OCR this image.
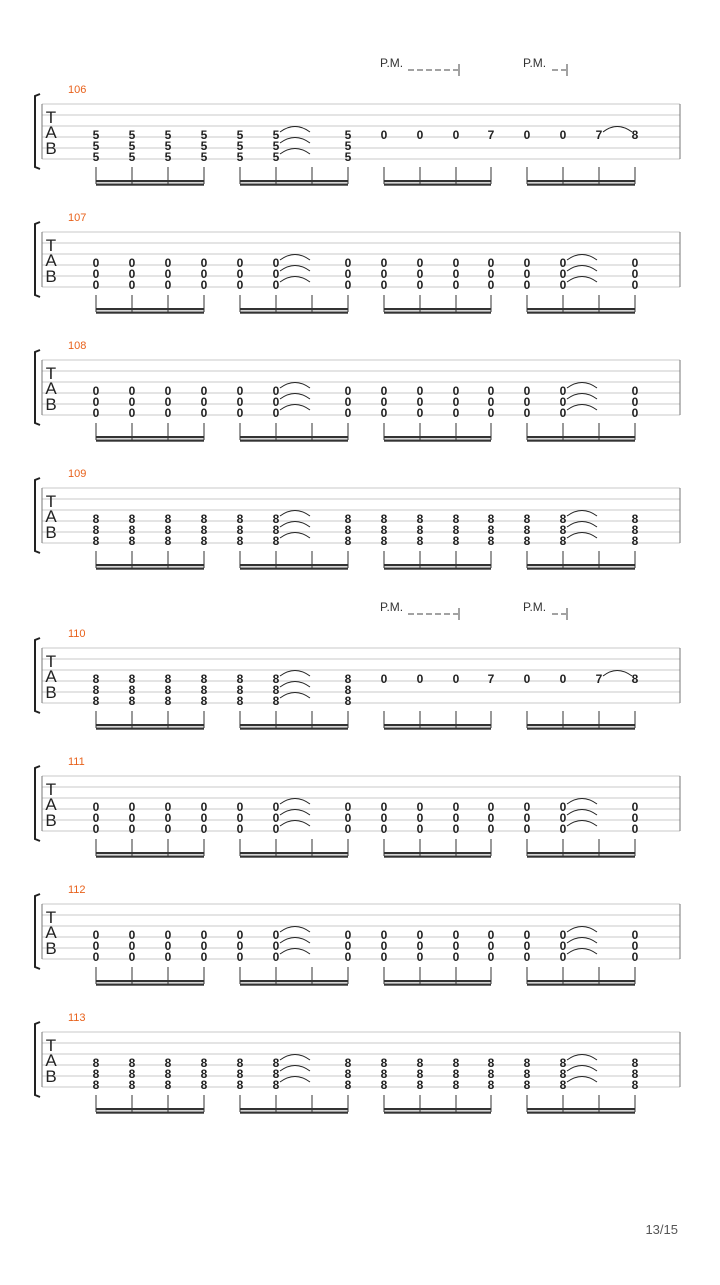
T
A
B
106
P.M.	P.M.
5
5
5
5
5
5
5
5
5
5
5
5
5
5
5
5
5
5
5
5
5
0 0 0 7 0 0 7 8
T
A
B
107
0
0
0
0
0
0
0
0
0
0
0
0
0
0
0
0
0
0
0
0
0
0
0
0
0
0
0
0
0
0
0
0
0
0
0
0
0
0
0
0
0
0
T
A
B
108
0
0
0
0
0
0
0
0
0
0
0
0
0
0
0
0
0
0
0
0
0
0
0
0
0
0
0
0
0
0
0
0
0
0
0
0
0
0
0
0
0
0
T
A
B
109
8
8
8
8
8
8
8
8
8
8
8
8
8
8
8
8
8
8
8
8
8
8
8
8
8
8
8
8
8
8
8
8
8
8
8
8
8
8
8
8
8
8
T
A
B
110
P.M.	P.M.
8
8
8
8
8
8
8
8
8
8
8
8
8
8
8
8
8
8
8
8
8
0 0 0 7 0 0 7 8
T
A
B
111
0
0
0
0
0
0
0
0
0
0
0
0
0
0
0
0
0
0
0
0
0
0
0
0
0
0
0
0
0
0
0
0
0
0
0
0
0
0
0
0
0
0
T
A
B
112
0
0
0
0
0
0
0
0
0
0
0
0
0
0
0
0
0
0
0
0
0
0
0
0
0
0
0
0
0
0
0
0
0
0
0
0
0
0
0
0
0
0
T
A
B
113
8
8
8
8
8
8
8
8
8
8
8
8
8
8
8
8
8
8
8
8
8
8
8
8
8
8
8
8
8
8
8
8
8
8
8
8
8
8
8
8
8
8
13/15
